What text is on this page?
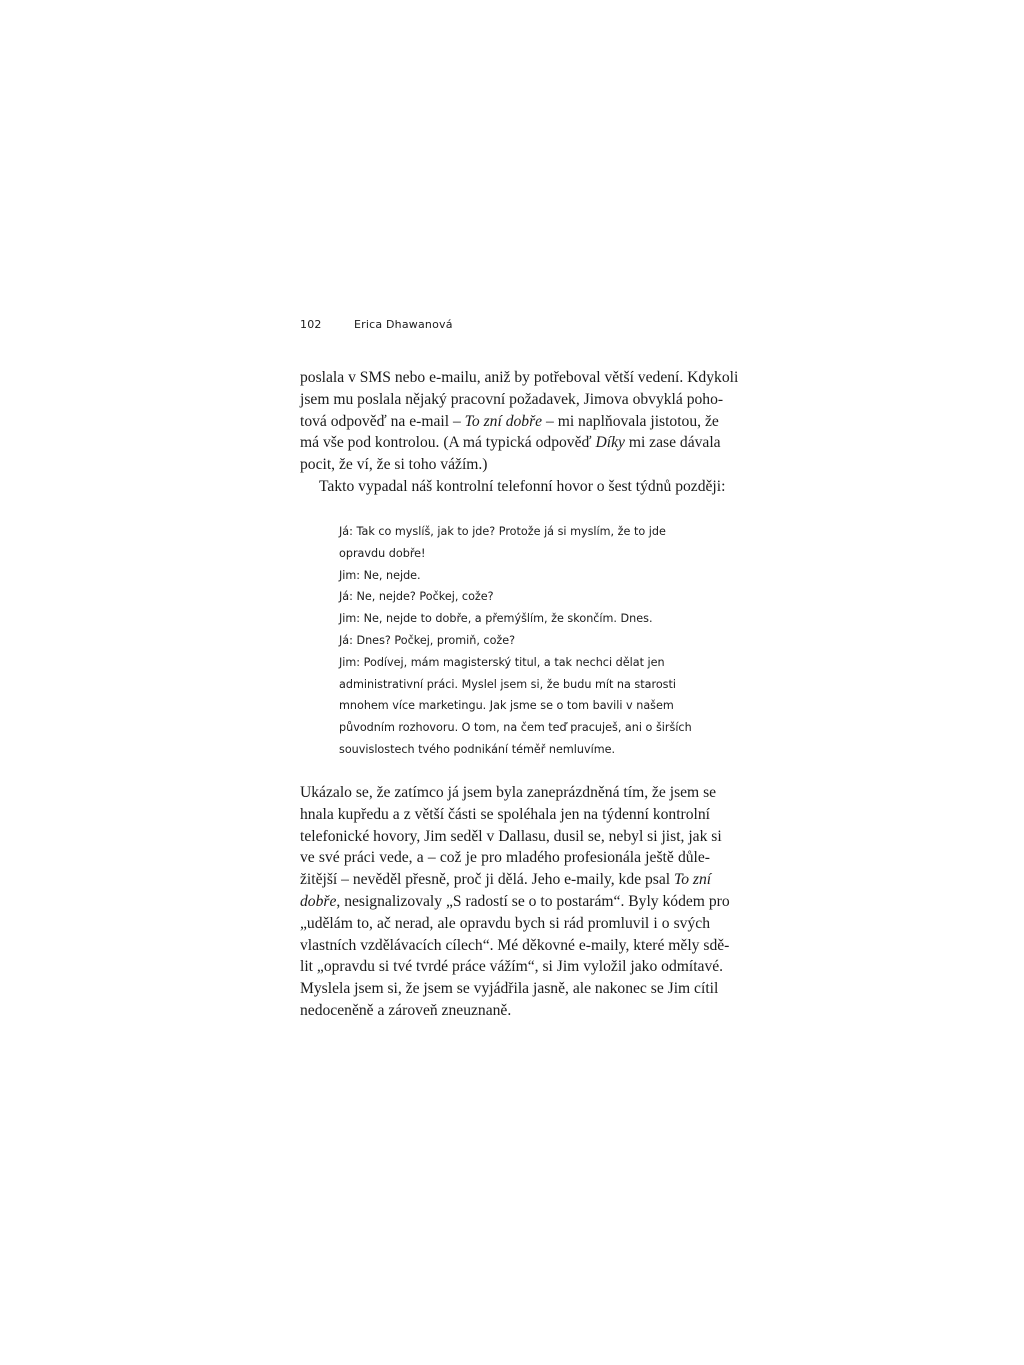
102	Erica Dhawanová
poslala v SMS nebo e-mailu, aniž by potřeboval větší vedení. Kdykoli
jsem mu poslala nějaký pracovní požadavek, Jimova obvyklá poho-
tová odpověď na e-mail – To zní dobře – mi naplňovala jistotou, že
má vše pod kontrolou. (A má typická odpověď Díky mi zase dávala
pocit, že ví, že si toho vážím.)
Takto vypadal náš kontrolní telefonní hovor o šest týdnů později:
Já: Tak co myslíš, jak to jde? Protože já si myslím, že to jde
opravdu dobře!
Jim: Ne, nejde.
Já: Ne, nejde? Počkej, cože?
Jim: Ne, nejde to dobře, a přemýšlím, že skončím. Dnes.
Já: Dnes? Počkej, promiň, cože?
Jim: Podívej, mám magisterský titul, a tak nechci dělat jen
administrativní práci. Myslel jsem si, že budu mít na starosti
mnohem více marketingu. Jak jsme se o tom bavili v našem
původním rozhovoru. O tom, na čem teď pracuješ, ani o širších
souvislostech tvého podnikání téměř nemluvíme.
Ukázalo se, že zatímco já jsem byla zaneprázdněná tím, že jsem se
hnala kupředu a z větší části se spoléhala jen na týdenní kontrolní
telefonické hovory, Jim seděl v Dallasu, dusil se, nebyl si jist, jak si
ve své práci vede, a – což je pro mladého profesionála ještě důle-
žitější – nevěděl přesně, proč ji dělá. Jeho e-maily, kde psal To zní
dobře, nesignalizovaly „S radostí se o to postarám“. Byly kódem pro
„udělám to, ač nerad, ale opravdu bych si rád promluvil i o svých
vlastních vzdělávacích cílech“. Mé děkovné e-maily, které měly sdě-
lit „opravdu si tvé tvrdé práce vážím“, si Jim vyložil jako odmítavé.
Myslela jsem si, že jsem se vyjádřila jasně, ale nakonec se Jim cítil
nedoceněně a zároveň zneuznaně.
